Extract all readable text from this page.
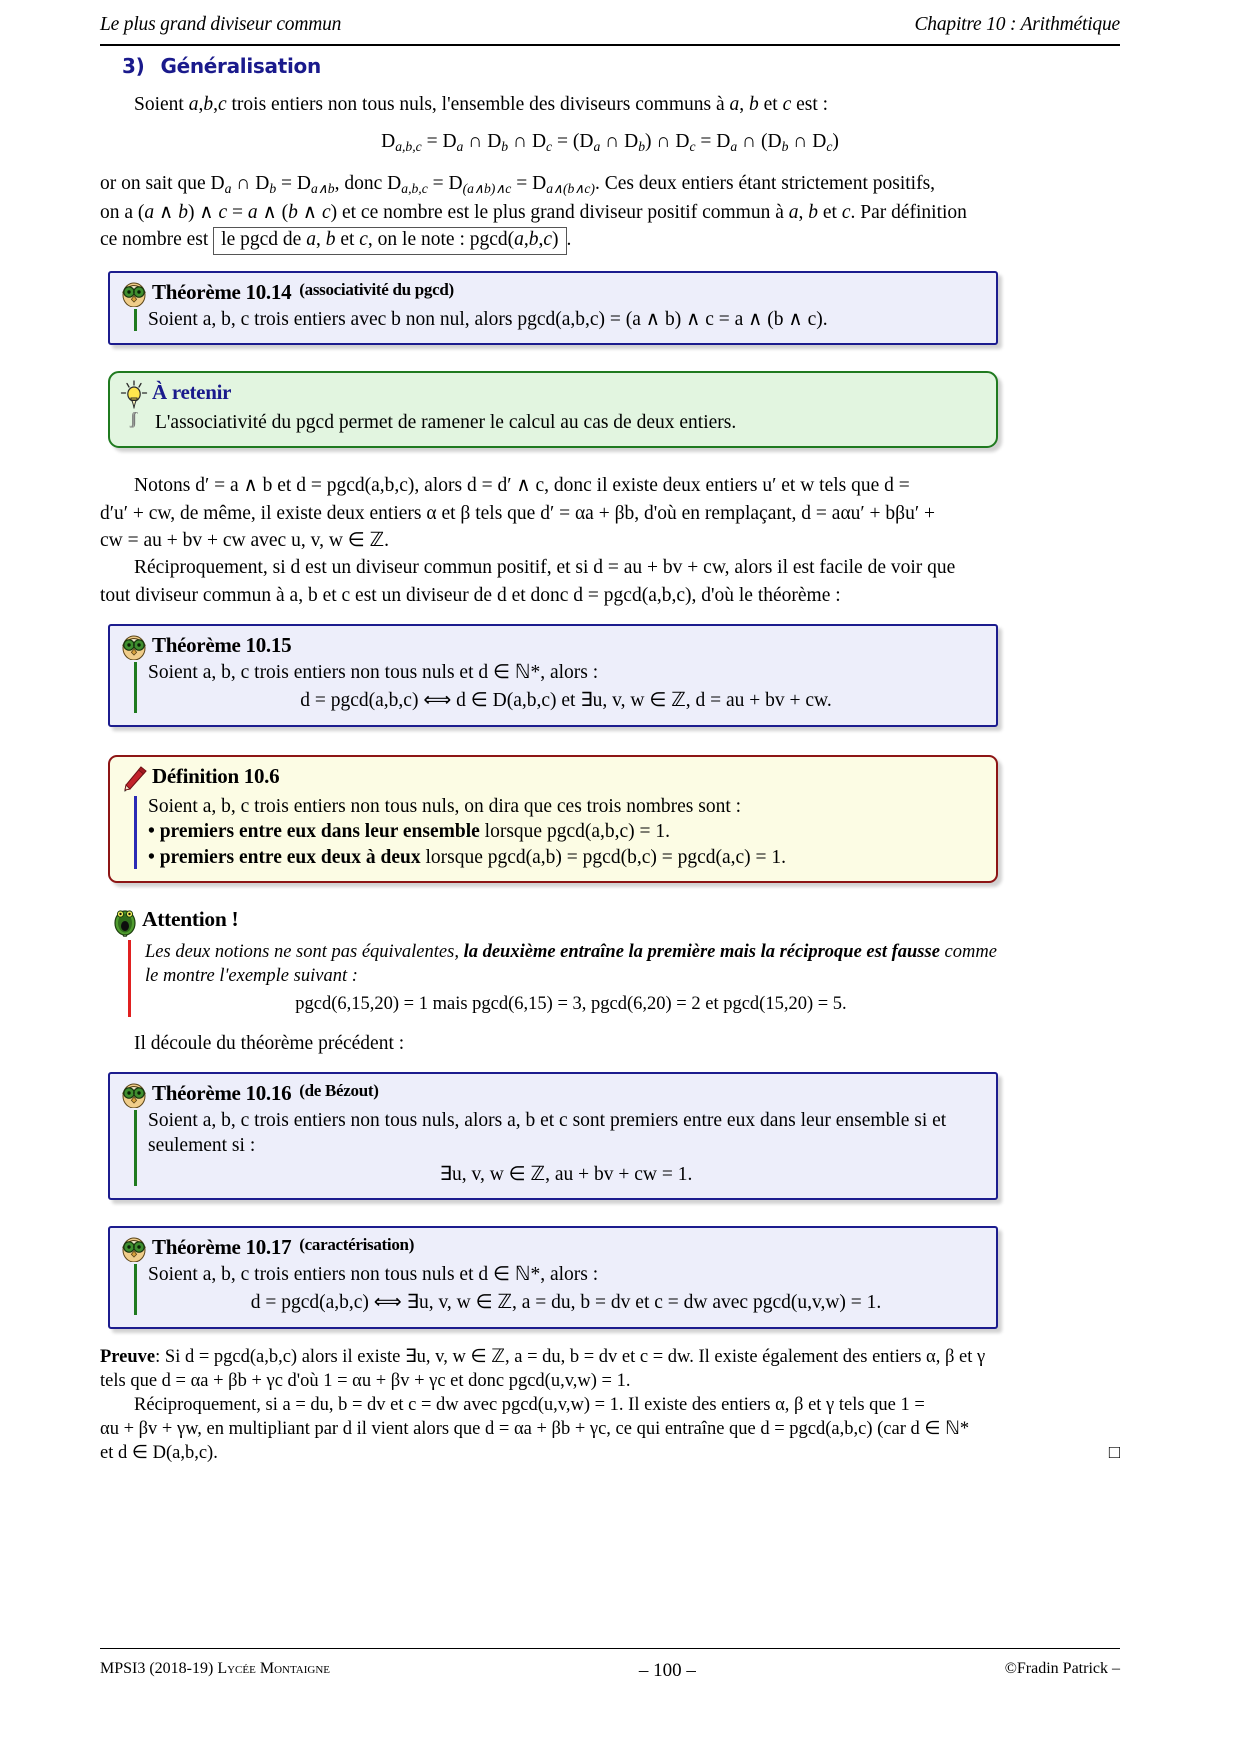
Le plus grand diviseur commun	Chapitre 10 : Arithmétique
3) Généralisation

Soient a,b,c trois entiers non tous nuls, l'ensemble des diviseurs communs à a, b et c est :

$D_{a,b,c} = D_a$ ∩ $D_b$ ∩ $D_c = (D_a$ ∩ $D_b$) ∩ $D_c = D_a$ ∩ ($D_b$ ∩ $D_c$)

or on sait que $D_a$ ∩ $D_b = D_{a\wedge b}$, donc $D_{a,b,c} = D_{(a\wedge b)\wedge c} = D_{a\wedge(b\wedge c)}$. Ces deux entiers étant strictement positifs,

on a (a ∧ b) ∧ c = a ∧ (b ∧ c) et ce nombre est le plus grand diviseur positif commun à a, b et c. Par définition

ce nombre est le pgcd de a, b et c, on le note : pgcd(a,b,c) .

Théorème 10.14 (associativité du pgcd)
Soient a, b, c trois entiers avec b non nul, alors pgcd(a,b,c) = (a ∧ b) ∧ c = a ∧ (b ∧ c).
À retenir
ʃʃ
L'associativité du pgcd permet de ramener le calcul au cas de deux entiers.

Notons d′ = a ∧ b et d = pgcd(a,b,c), alors d = d′ ∧ c, donc il existe deux entiers u′ et w tels que d =

d′u′ + cw, de même, il existe deux entiers α et β tels que d′ = αa + βb, d'où en remplaçant, d = aαu′ + bβu′ +

cw = au + bv + cw avec u, v, w ∈ ℤ.

Réciproquement, si d est un diviseur commun positif, et si d = au + bv + cw, alors il est facile de voir que

tout diviseur commun à a, b et c est un diviseur de d et donc d = pgcd(a,b,c), d'où le théorème :

Théorème 10.15
Soient a, b, c trois entiers non tous nuls et d ∈ ℕ*, alors :
d = pgcd(a,b,c) ⟺ d ∈ D(a,b,c) et ∃u, v, w ∈ ℤ, d = au + bv + cw.
Définition 10.6
Soient a, b, c trois entiers non tous nuls, on dira que ces trois nombres sont :
• premiers entre eux dans leur ensemble lorsque pgcd(a,b,c) = 1.
• premiers entre eux deux à deux lorsque pgcd(a,b) = pgcd(b,c) = pgcd(a,c) = 1.
Attention !
Les deux notions ne sont pas équivalentes, la deuxième entraîne la première mais la réciproque est fausse comme
le montre l'exemple suivant :
pgcd(6,15,20) = 1 mais pgcd(6,15) = 3, pgcd(6,20) = 2 et pgcd(15,20) = 5.

Il découle du théorème précédent :

Théorème 10.16 (de Bézout)
Soient a, b, c trois entiers non tous nuls, alors a, b et c sont premiers entre eux dans leur ensemble si et seulement si :
∃u, v, w ∈ ℤ, au + bv + cw = 1.
Théorème 10.17 (caractérisation)
Soient a, b, c trois entiers non tous nuls et d ∈ ℕ*, alors :
d = pgcd(a,b,c) ⟺ ∃u, v, w ∈ ℤ, a = du, b = dv et c = dw avec pgcd(u,v,w) = 1.

Preuve: Si d = pgcd(a,b,c) alors il existe ∃u, v, w ∈ ℤ, a = du, b = dv et c = dw. Il existe également des entiers α, β et γ

tels que d = αa + βb + γc d'où 1 = αu + βv + γc et donc pgcd(u,v,w) = 1.

Réciproquement, si a = du, b = dv et c = dw avec pgcd(u,v,w) = 1. Il existe des entiers α, β et γ tels que 1 =

αu + βv + γw, en multipliant par d il vient alors que d = αa + βb + γc, ce qui entraîne que d = pgcd(a,b,c) (car d ∈ ℕ*

et d ∈ D(a,b,c).	□

MPSI3 (2018-19) Lycée Montaigne	– 100 –	©Fradin Patrick –
